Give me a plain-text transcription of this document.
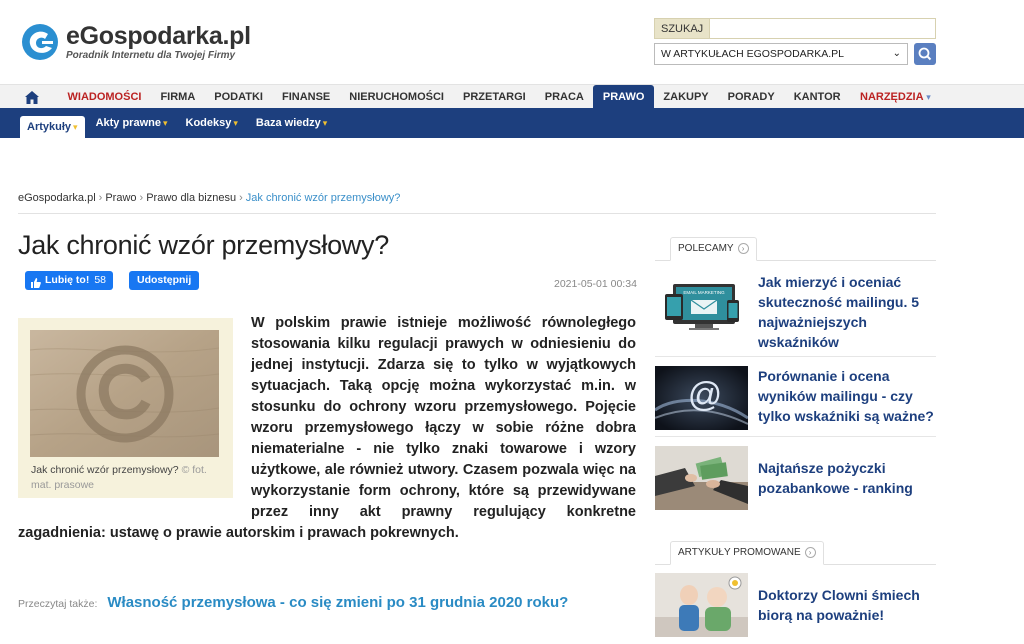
eGospodarka.pl
Poradnik Internetu dla Twojej Firmy
SZUKAJ
W ARTYKUŁACH EGOSPODARKA.PL	⌄
WIADOMOŚCI	FIRMA	PODATKI	FINANSE	NIERUCHOMOŚCI	PRZETARGI	PRACA	PRAWO	ZAKUPY	PORADY	KANTOR	NARZĘDZIA ▾
Artykuły ▾	Akty prawne ▾	Kodeksy ▾	Baza wiedzy ▾
eGospodarka.pl › Prawo › Prawo dla biznesu › Jak chronić wzór przemysłowy?
Jak chronić wzór przemysłowy?
Lubię to! 58	Udostępnij	2021-05-01 00:34
Jak chronić wzór przemysłowy? © fot. mat. prasowe
W polskim prawie istnieje możliwość równoległego stosowania kilku regulacji prawych w odniesieniu do jednej instytucji. Zdarza się to tylko w wyjątkowych sytuacjach. Taką opcję można wykorzystać m.in. w stosunku do ochrony wzoru przemysłowego. Pojęcie wzoru przemysłowego łączy w sobie różne dobra niematerialne - nie tylko znaki towarowe i wzory użytkowe, ale również utwory. Czasem pozwala więc na wykorzystanie form ochrony, które są przewidywane przez inny akt prawny regulujący konkretne zagadnienia: ustawę o prawie autorskim i prawach pokrewnych.
Przeczytaj także: Własność przemysłowa - co się zmieni po 31 grudnia 2020 roku?
POLECAMY ›
EMAIL MARKETING
Jak mierzyć i oceniać skuteczność mailingu. 5 najważniejszych wskaźników
@	Porównanie i ocena wyników mailingu - czy tylko wskaźniki są ważne?
Najtańsze pożyczki pozabankowe - ranking
ARTYKUŁY PROMOWANE ›
Doktorzy Clowni śmiech biorą na poważnie!
